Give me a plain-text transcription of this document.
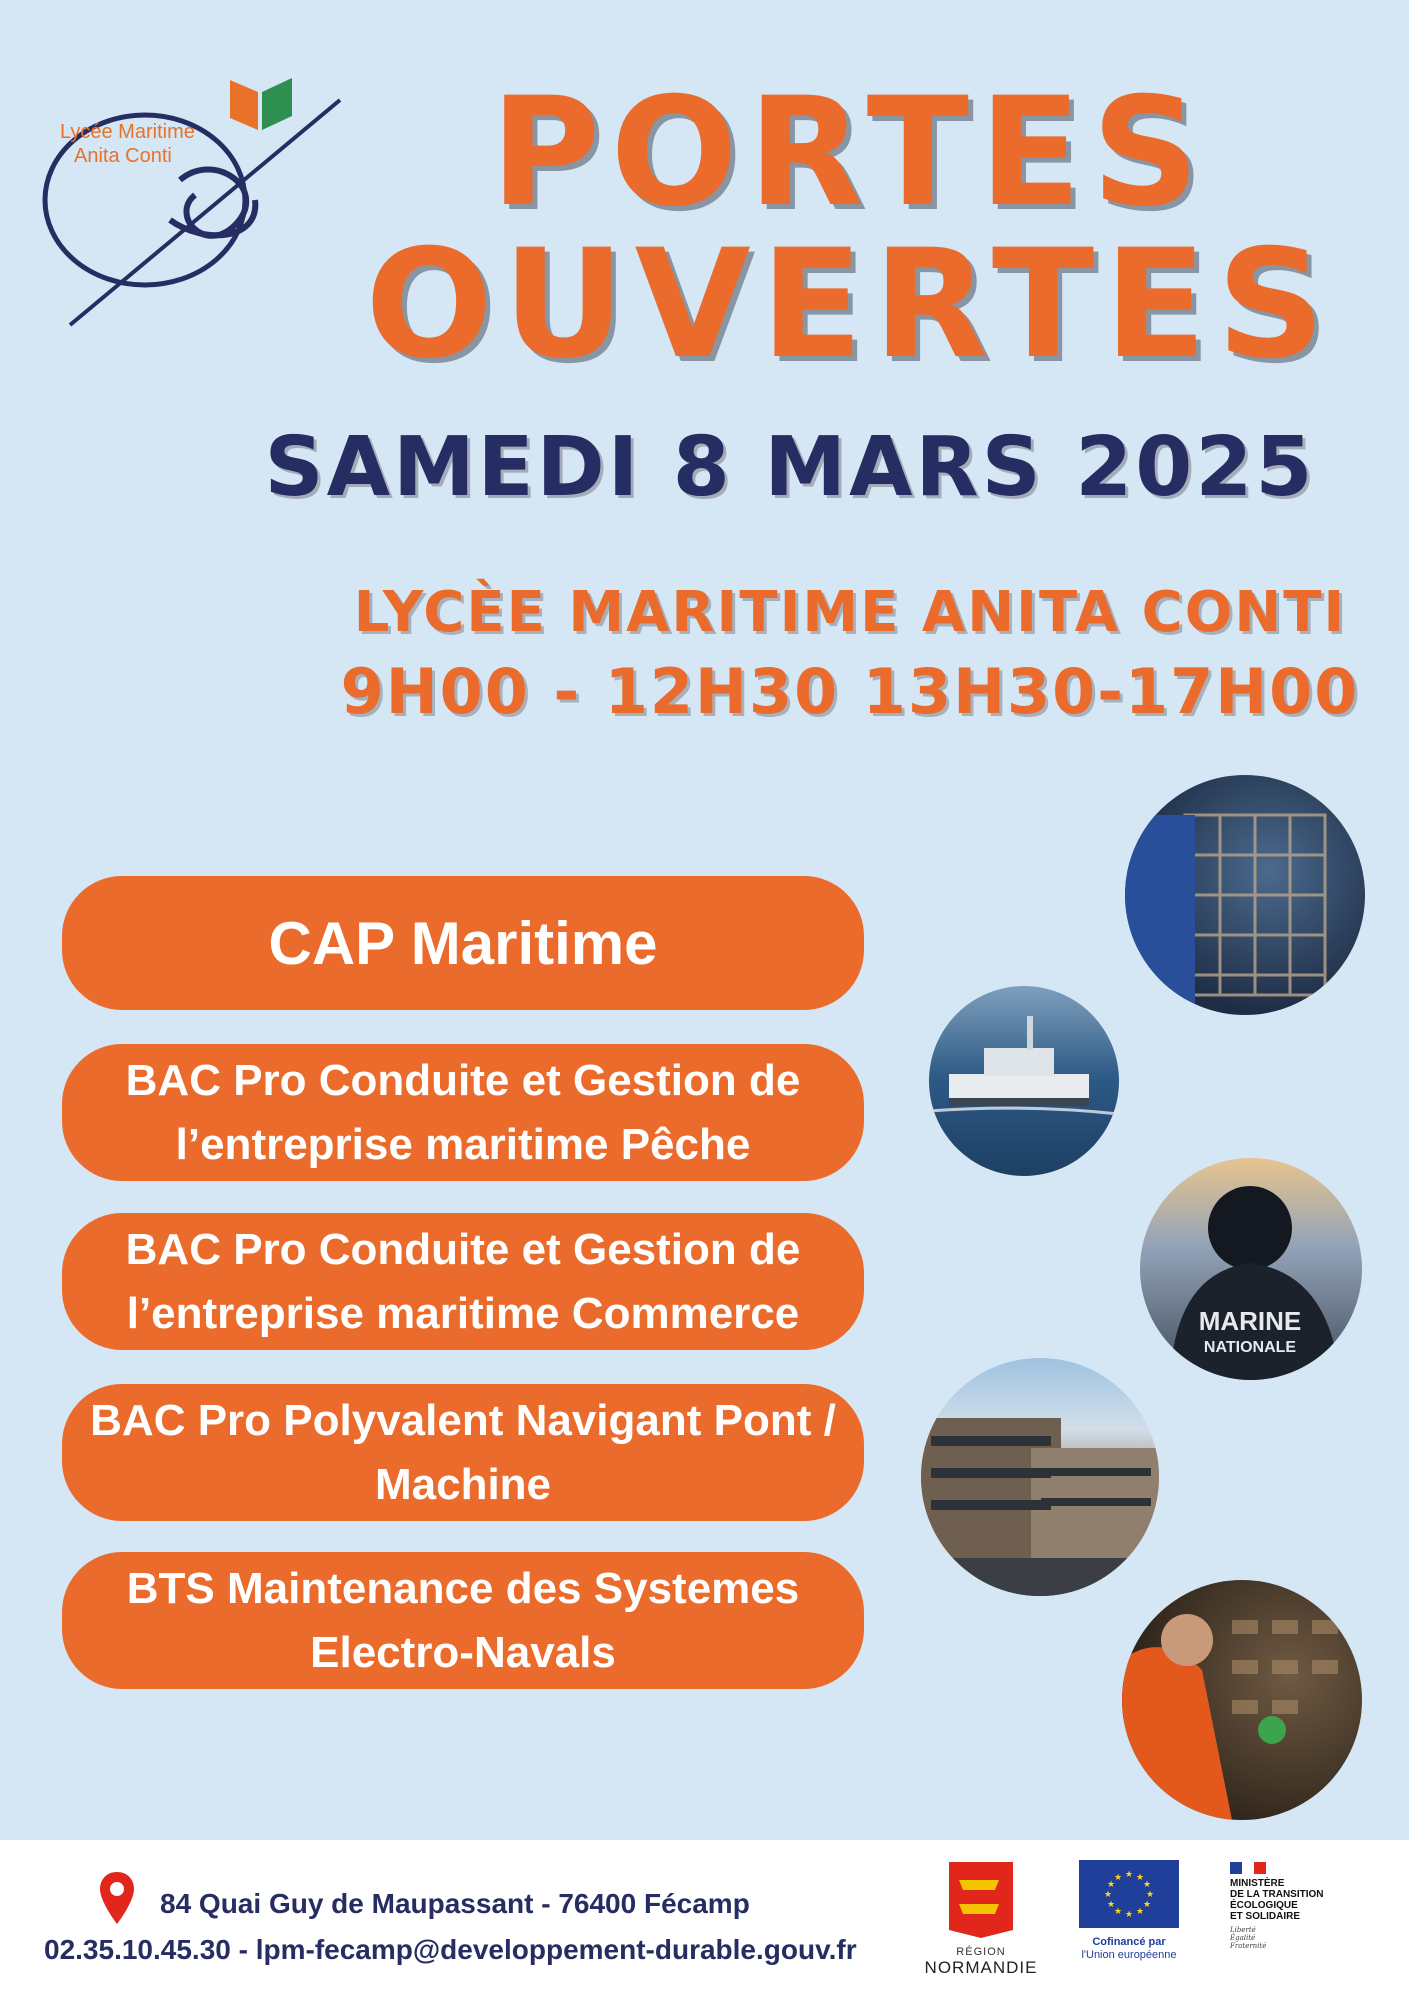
Lycée Maritime
Anita Conti	PORTES
OUVERTES
SAMEDI 8 MARS 2025
LYCÈE MARITIME ANITA CONTI
9H00 - 12H30 13H30-17H00
CAP Maritime
BAC Pro Conduite et Gestion de l’entreprise maritime Pêche
BAC Pro Conduite et Gestion de l’entreprise maritime Commerce
BAC Pro Polyvalent Navigant Pont / Machine
BTS Maintenance des Systemes Electro-Navals
MARINE
NATIONALE
84 Quai Guy de Maupassant - 76400 Fécamp
02.35.10.45.30 - lpm-fecamp@developpement-durable.gouv.fr	RÉGION
NORMANDIE
★ ★
★
★
★
★
★
★
★
★
★
★
Cofinancé par
l'Union européenne
MINISTÈRE
DE LA TRANSITION
ÉCOLOGIQUE
ET SOLIDAIRE
Liberté
Égalité
Fraternité
